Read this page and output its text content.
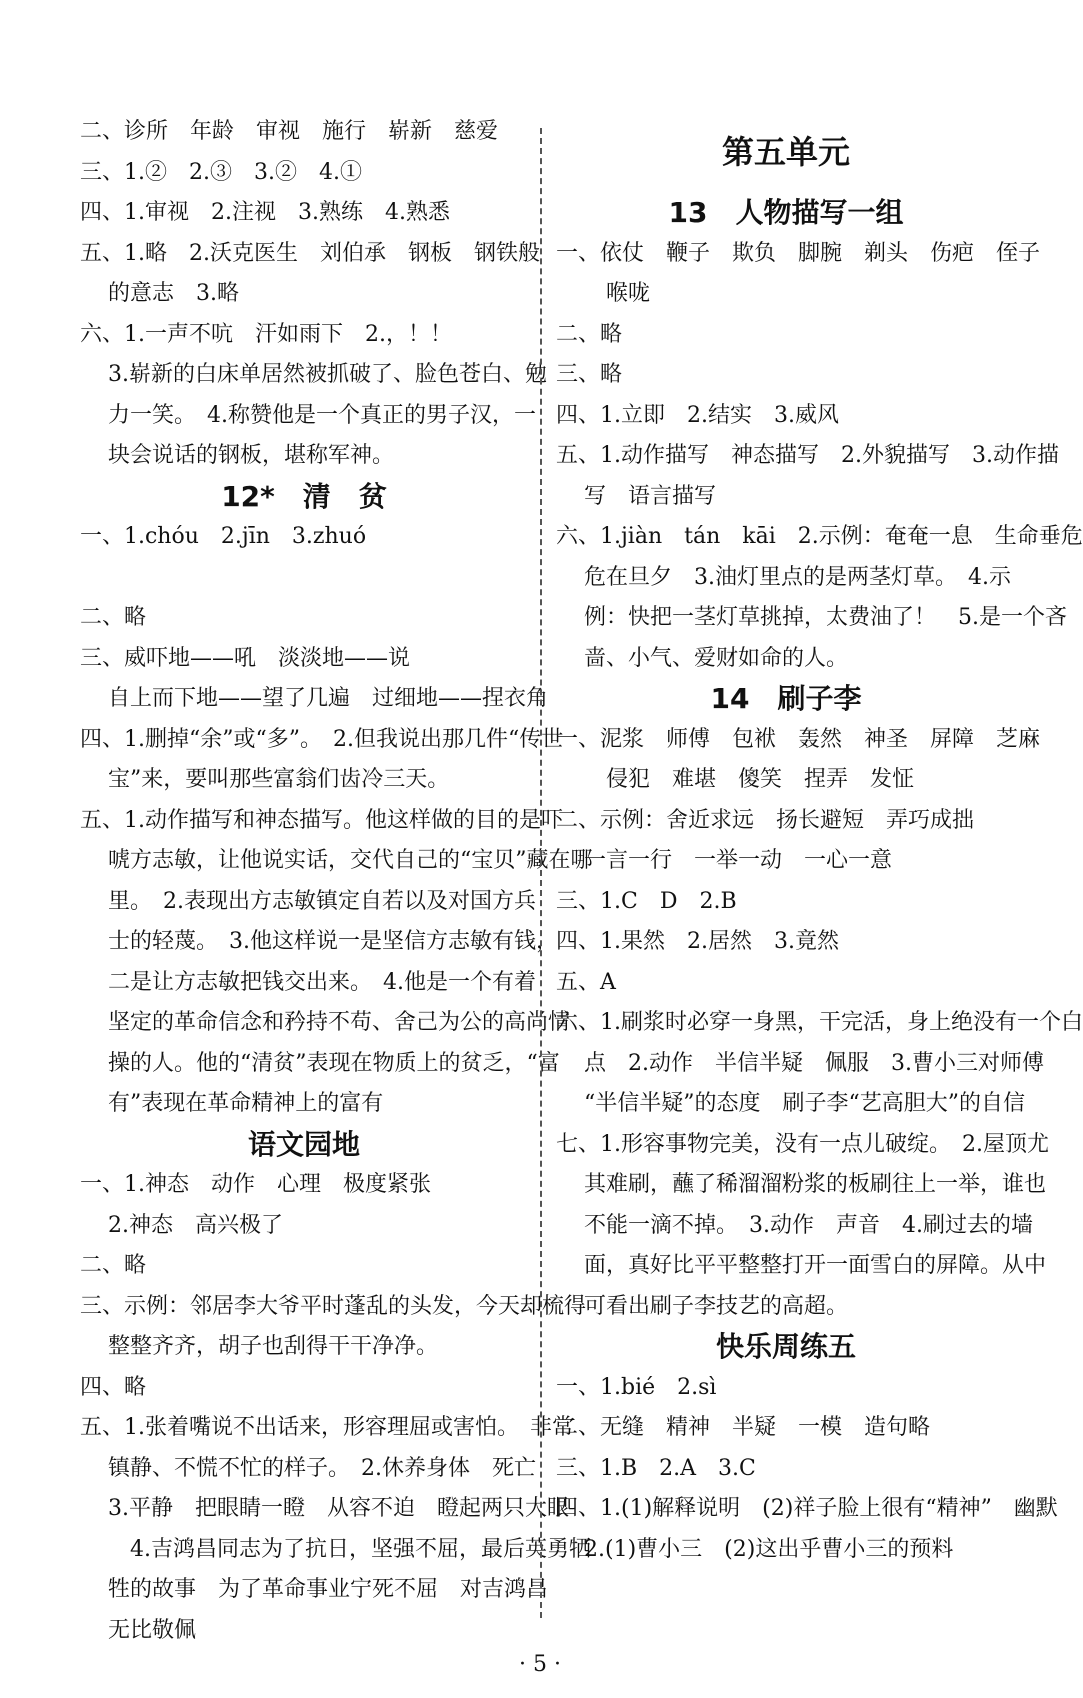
二、诊所　年龄　审视　施行　崭新　慈爱
三、1.②　2.③　3.②　4.①
四、1.审视　2.注视　3.熟练　4.熟悉
五、1.略　2.沃克医生　刘伯承　钢板　钢铁般
的意志　3.略
六、1.一声不吭　汗如雨下　2.，！！
3.崭新的白床单居然被抓破了、脸色苍白、勉
力一笑。　4.称赞他是一个真正的男子汉，一
块会说话的钢板，堪称军神。
12*　清　贫
一、1.chóu　2.jīn　3.zhuó
二、略
三、威吓地——吼　淡淡地——说
自上而下地——望了几遍　过细地——捏衣角
四、1.删掉“余”或“多”。　2.但我说出那几件“传世
宝”来，要叫那些富翁们齿冷三天。
五、1.动作描写和神态描写。他这样做的目的是吓
唬方志敏，让他说实话，交代自己的“宝贝”藏在哪
里。　2.表现出方志敏镇定自若以及对国方兵
士的轻蔑。　3.他这样说一是坚信方志敏有钱，
二是让方志敏把钱交出来。　4.他是一个有着
坚定的革命信念和矜持不苟、舍己为公的高尚情
操的人。他的“清贫”表现在物质上的贫乏，“富
有”表现在革命精神上的富有
语文园地
一、1.神态　动作　心理　极度紧张
2.神态　高兴极了
二、略
三、示例：邻居李大爷平时蓬乱的头发，今天却梳得
整整齐齐，胡子也刮得干干净净。
四、略
五、1.张着嘴说不出话来，形容理屈或害怕。　非常
镇静、不慌不忙的样子。　2.休养身体　死亡
3.平静　把眼睛一瞪　从容不迫　瞪起两只大眼
4.吉鸿昌同志为了抗日，坚强不屈，最后英勇牺
牲的故事　为了革命事业宁死不屈　对吉鸿昌
无比敬佩
第五单元
13　人物描写一组
一、依仗　鞭子　欺负　脚腕　剃头　伤疤　侄子
喉咙
二、略
三、略
四、1.立即　2.结实　3.威风
五、1.动作描写　神态描写　2.外貌描写　3.动作描
写　语言描写
六、1.jiàn　tán　kāi　2.示例：奄奄一息　生命垂危
危在旦夕　3.油灯里点的是两茎灯草。　4.示
例：快把一茎灯草挑掉，太费油了！　5.是一个吝
啬、小气、爱财如命的人。
14　刷子李
一、泥浆　师傅　包袱　轰然　神圣　屏障　芝麻
侵犯　难堪　傻笑　捏弄　发怔
二、示例：舍近求远　扬长避短　弄巧成拙
一言一行　一举一动　一心一意
三、1.C　D　2.B
四、1.果然　2.居然　3.竟然
五、A
六、1.刷浆时必穿一身黑，干完活，身上绝没有一个白
点　2.动作　半信半疑　佩服　3.曹小三对师傅
“半信半疑”的态度　刷子李“艺高胆大”的自信
七、1.形容事物完美，没有一点儿破绽。　2.屋顶尤
其难刷，蘸了稀溜溜粉浆的板刷往上一举，谁也
不能一滴不掉。　3.动作　声音　4.刷过去的墙
面，真好比平平整整打开一面雪白的屏障。从中
可看出刷子李技艺的高超。
快乐周练五
一、1.bié　2.sì
二、无缝　精神　半疑　一模　造句略
三、1.B　2.A　3.C
四、1.(1)解释说明　(2)祥子脸上很有“精神”　幽默
2.(1)曹小三　(2)这出乎曹小三的预料
· 5 ·
